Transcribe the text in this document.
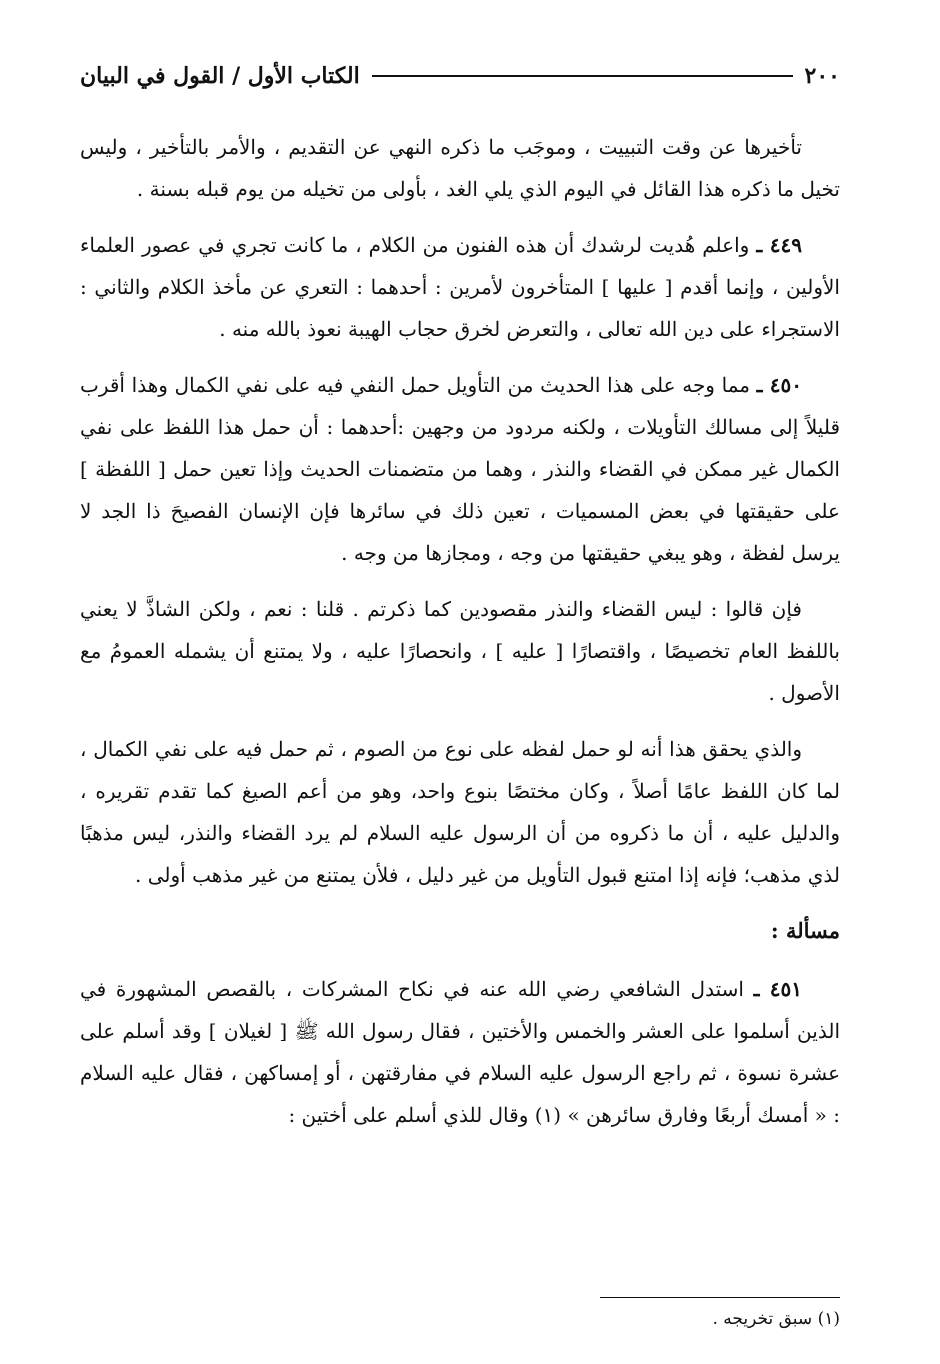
٢٠٠
الكتاب الأول / القول في البيان

تأخيرها عن وقت التبييت ، وموجَب ما ذكره النهي عن التقديم ، والأمر بالتأخير ، وليس تخيل ما ذكره هذا القائل في اليوم الذي يلي الغد ، بأولى من تخيله من يوم قبله بسنة .

٤٤٩ ـ واعلم هُديت لرشدك أن هذه الفنون من الكلام ، ما كانت تجري في عصور العلماء الأولين ، وإنما أقدم [ عليها ] المتأخرون لأمرين : أحدهما : التعري عن مأخذ الكلام والثاني : الاستجراء على دين الله تعالى ، والتعرض لخرق حجاب الهيبة نعوذ بالله منه .

٤٥٠ ـ مما وجه على هذا الحديث من التأويل حمل النفي فيه على نفي الكمال وهذا أقرب قليلاً إلى مسالك التأويلات ، ولكنه مردود من وجهين :أحدهما : أن حمل هذا اللفظ على نفي الكمال غير ممكن في القضاء والنذر ، وهما من متضمنات الحديث وإذا تعين حمل [ اللفظة ] على حقيقتها في بعض المسميات ، تعين ذلك في سائرها فإن الإنسان الفصيحَ ذا الجد لا يرسل لفظة ، وهو يبغي حقيقتها من وجه ، ومجازها من وجه .

فإن قالوا : ليس القضاء والنذر مقصودين كما ذكرتم . قلنا : نعم ، ولكن الشاذَّ لا يعني باللفظ العام تخصيصًا ، واقتصارًا [ عليه ] ، وانحصارًا عليه ، ولا يمتنع أن يشمله العمومُ مع الأصول .

والذي يحقق هذا أنه لو حمل لفظه على نوع من الصوم ، ثم حمل فيه على نفي الكمال ، لما كان اللفظ عامًا أصلاً ، وكان مختصًا بنوع واحد، وهو من أعم الصيغ كما تقدم تقريره ، والدليل عليه ، أن ما ذكروه من أن الرسول عليه السلام لم يرد القضاء والنذر، ليس مذهبًا لذي مذهب؛ فإنه إذا امتنع قبول التأويل من غير دليل ، فلأن يمتنع من غير مذهب أولى .

مسألة :

٤٥١ ـ استدل الشافعي رضي الله عنه في نكاح المشركات ، بالقصص المشهورة في الذين أسلموا على العشر والخمس والأختين ، فقال رسول الله ﷺ [ لغيلان ] وقد أسلم على عشرة نسوة ، ثم راجع الرسول عليه السلام في مفارقتهن ، أو إمساكهن ، فقال عليه السلام : « أمسك أربعًا وفارق سائرهن » (١) وقال للذي أسلم على أختين :

(١) سبق تخريجه .
